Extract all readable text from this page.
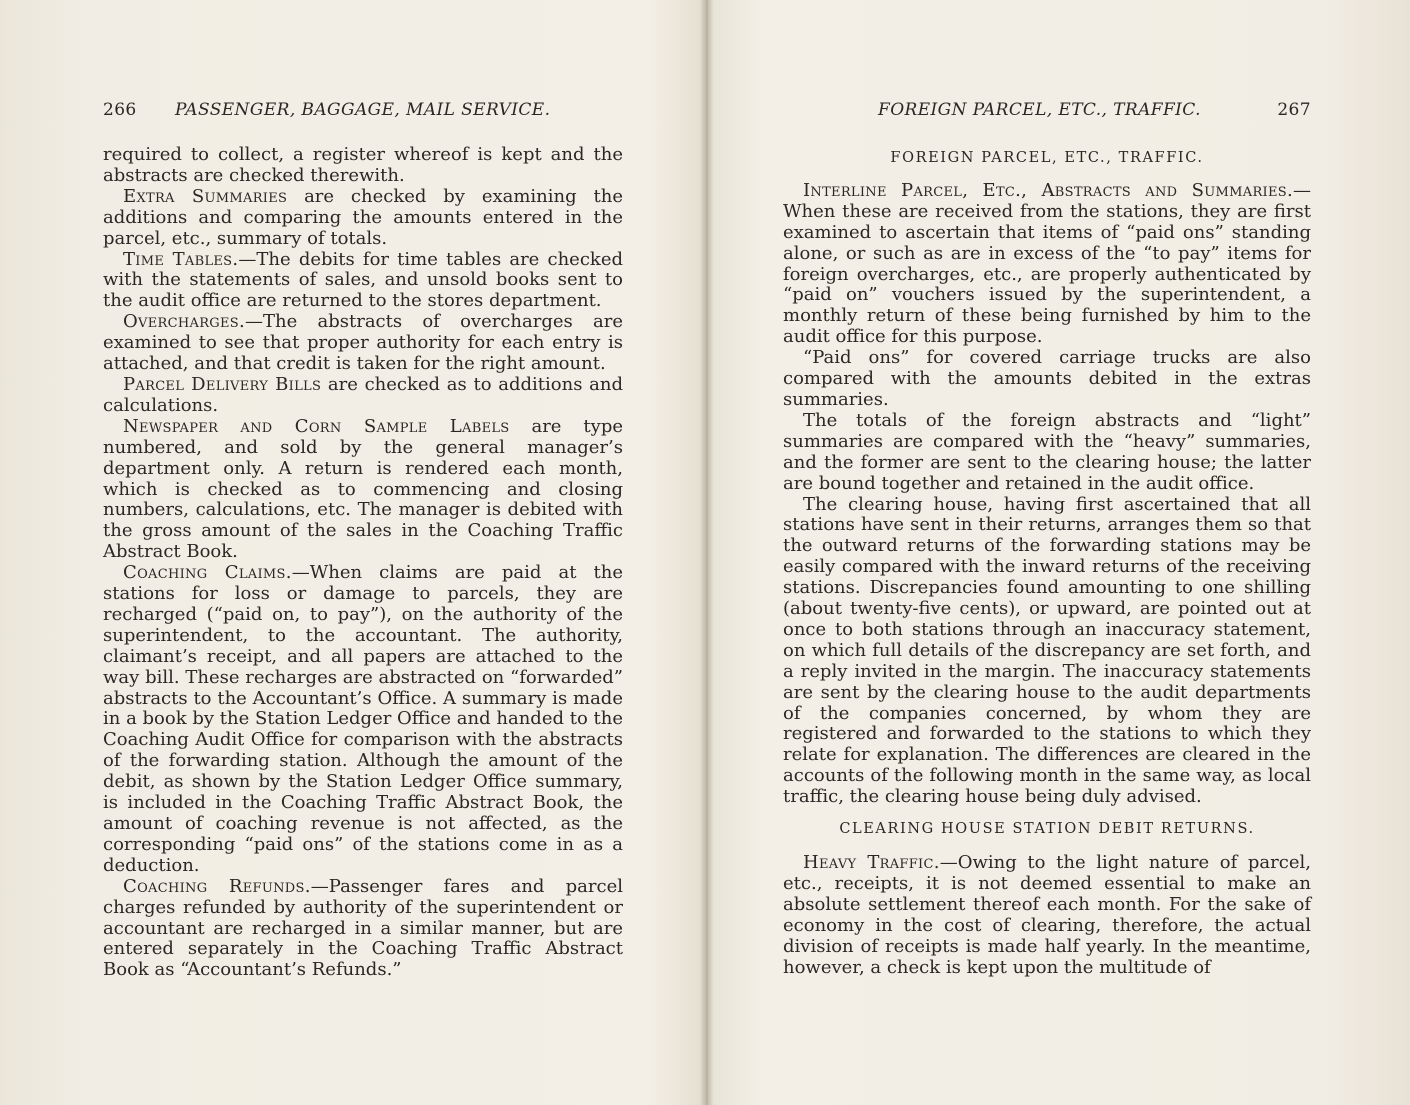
266 PASSENGER, BAGGAGE, MAIL SERVICE.

required to collect, a register whereof is kept and the abstracts are checked therewith.

Extra Summaries are checked by examining the additions and comparing the amounts entered in the parcel, etc., summary of totals.

Time Tables.—The debits for time tables are checked with the statements of sales, and unsold books sent to the audit office are returned to the stores department.

Overcharges.—The abstracts of overcharges are examined to see that proper authority for each entry is attached, and that credit is taken for the right amount.

Parcel Delivery Bills are checked as to additions and calculations.

Newspaper and Corn Sample Labels are type numbered, and sold by the general manager’s department only. A return is rendered each month, which is checked as to commencing and closing numbers, calculations, etc. The manager is debited with the gross amount of the sales in the Coaching Traffic Abstract Book.

Coaching Claims.—When claims are paid at the stations for loss or damage to parcels, they are recharged (“paid on, to pay”), on the authority of the superintendent, to the accountant. The authority, claimant’s receipt, and all papers are attached to the way bill. These recharges are abstracted on “forwarded” abstracts to the Accountant’s Office. A summary is made in a book by the Station Ledger Office and handed to the Coaching Audit Office for comparison with the abstracts of the forwarding station. Although the amount of the debit, as shown by the Station Ledger Office summary, is included in the Coaching Traffic Abstract Book, the amount of coaching revenue is not affected, as the corresponding “paid ons” of the stations come in as a deduction.

Coaching Refunds.—Passenger fares and parcel charges refunded by authority of the superintendent or accountant are recharged in a similar manner, but are entered separately in the Coaching Traffic Abstract Book as “Accountant’s Refunds.”

FOREIGN PARCEL, ETC., TRAFFIC.	267
FOREIGN PARCEL, ETC., TRAFFIC.

Interline Parcel, Etc., Abstracts and Summaries.—When these are received from the stations, they are first examined to ascertain that items of “paid ons” standing alone, or such as are in excess of the “to pay” items for foreign overcharges, etc., are properly authenticated by “paid on” vouchers issued by the superintendent, a monthly return of these being furnished by him to the audit office for this purpose.

“Paid ons” for covered carriage trucks are also compared with the amounts debited in the extras summaries.

The totals of the foreign abstracts and “light” summaries are compared with the “heavy” summaries, and the former are sent to the clearing house; the latter are bound together and retained in the audit office.

The clearing house, having first ascertained that all stations have sent in their returns, arranges them so that the outward returns of the forwarding stations may be easily compared with the inward returns of the receiving stations. Discrepancies found amounting to one shilling (about twenty-five cents), or upward, are pointed out at once to both stations through an inaccuracy statement, on which full details of the discrepancy are set forth, and a reply invited in the margin. The inaccuracy statements are sent by the clearing house to the audit departments of the companies concerned, by whom they are registered and forwarded to the stations to which they relate for explanation. The differences are cleared in the accounts of the following month in the same way, as local traffic, the clearing house being duly advised.

CLEARING HOUSE STATION DEBIT RETURNS.

Heavy Traffic.—Owing to the light nature of parcel, etc., receipts, it is not deemed essential to make an absolute settlement thereof each month. For the sake of economy in the cost of clearing, therefore, the actual division of receipts is made half yearly. In the meantime, however, a check is kept upon the multitude of
